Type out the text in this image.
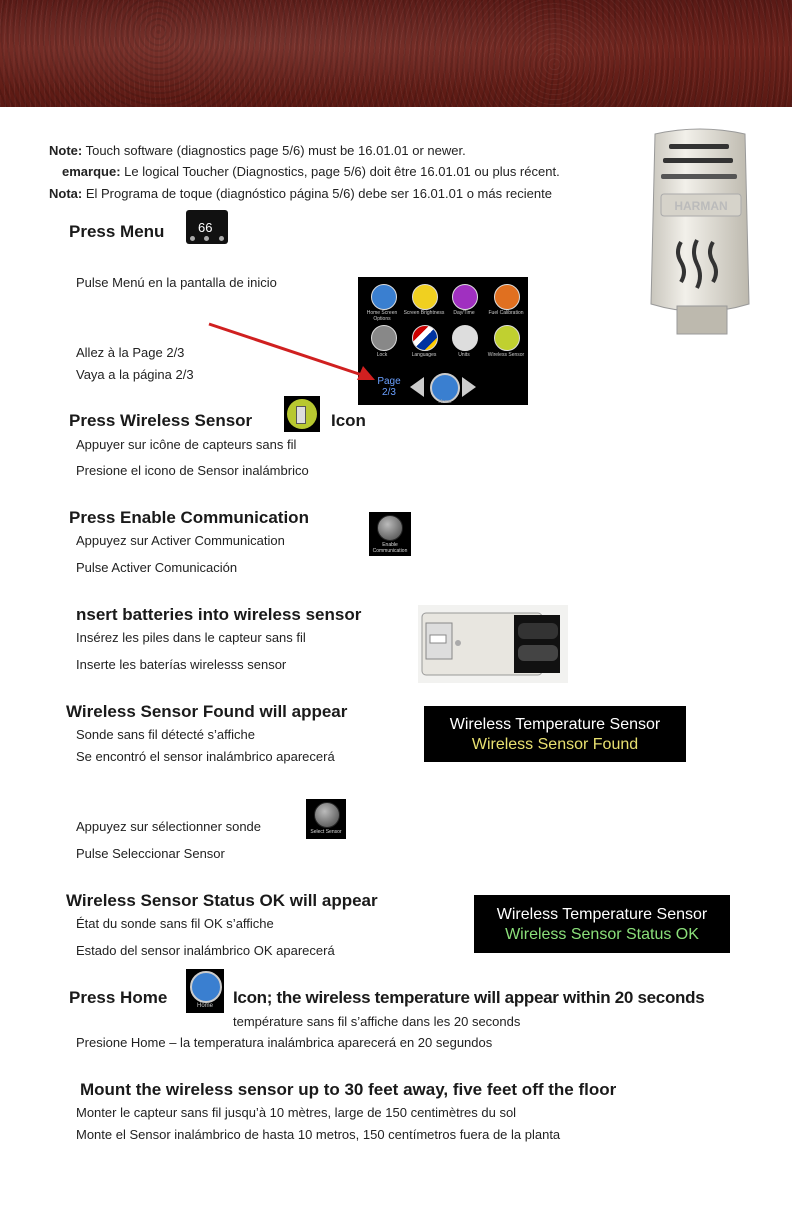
Note: Touch software (diagnostics page 5/6) must be 16.01.01 or newer.
emarque: Le logical Toucher (Diagnostics, page 5/6) doit être 16.01.01 ou plus récent.
Nota: El Programa de toque (diagnóstico página 5/6) debe ser 16.01.01 o más reciente
HARMAN
Press Menu	66
Pulse Menú en la pantalla de inicio
Allez à la Page 2/3
Vaya a la página 2/3
Home Screen Options
Screen Brightness	Day/Time	Fuel Calibration
Lock	Languages	Units	Wireless Sensor
Page 2/3
Home
Press Wireless Sensor	Icon
Appuyer sur icône de capteurs sans fil
Presione el icono de Sensor inalámbrico
Press Enable Communication
Appuyez sur Activer Communication
Pulse Activer Comunicación
Enable Communication
nsert batteries into wireless sensor
Insérez les piles dans le capteur sans fil
Inserte les baterías wirelesss sensor
Wireless Sensor Found will appear
Sonde sans fil détecté s’affiche
Se encontró el sensor inalámbrico aparecerá
Wireless Temperature Sensor
Wireless Sensor Found
Appuyez sur sélectionner sonde
Pulse Seleccionar Sensor
Select Sensor
Wireless Sensor Status OK will appear
État du sonde sans fil OK s’affiche
Estado del sensor inalámbrico OK aparecerá
Wireless Temperature Sensor
Wireless Sensor Status OK
Press Home	Home	Icon; the wireless temperature will appear within 20 seconds
température sans fil s’affiche dans les 20 seconds
Presione Home – la temperatura inalámbrica aparecerá en 20 segundos
Mount the wireless sensor up to 30 feet away, five feet off the floor
Monter le capteur sans fil jusqu’à 10 mètres, large de 150 centimètres du sol
Monte el Sensor inalámbrico de hasta 10 metros, 150 centímetros fuera de la planta
